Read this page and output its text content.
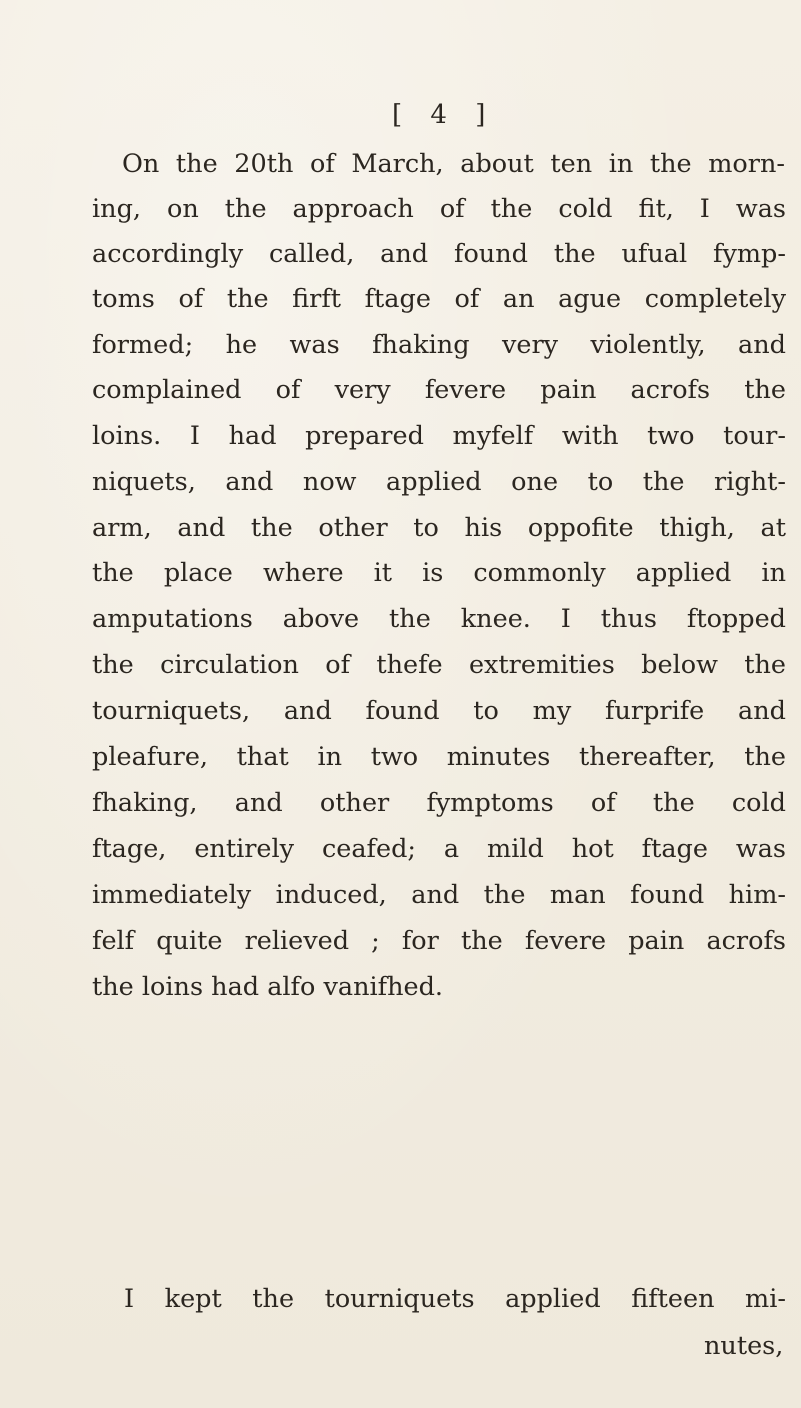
[ 4 ]
On the 20th of March, about ten in the morn-
ing, on the approach of the cold fit, I was
accordingly called, and found the ufual fymp-
toms of the firft ftage of an ague completely
formed; he was fhaking very violently, and
complained of very fevere pain acrofs the
loins. I had prepared myfelf with two tour-
niquets, and now applied one to the right-
arm, and the other to his oppofite thigh, at
the place where it is commonly applied in
amputations above the knee. I thus ftopped
the circulation of thefe extremities below the
tourniquets, and found to my furprife and
pleafure, that in two minutes thereafter, the
fhaking, and other fymptoms of the cold
ftage, entirely ceafed; a mild hot ftage was
immediately induced, and the man found him-
felf quite relieved ; for the fevere pain acrofs
the loins had alfo vanifhed.
I kept the tourniquets applied fifteen mi-
nutes,
